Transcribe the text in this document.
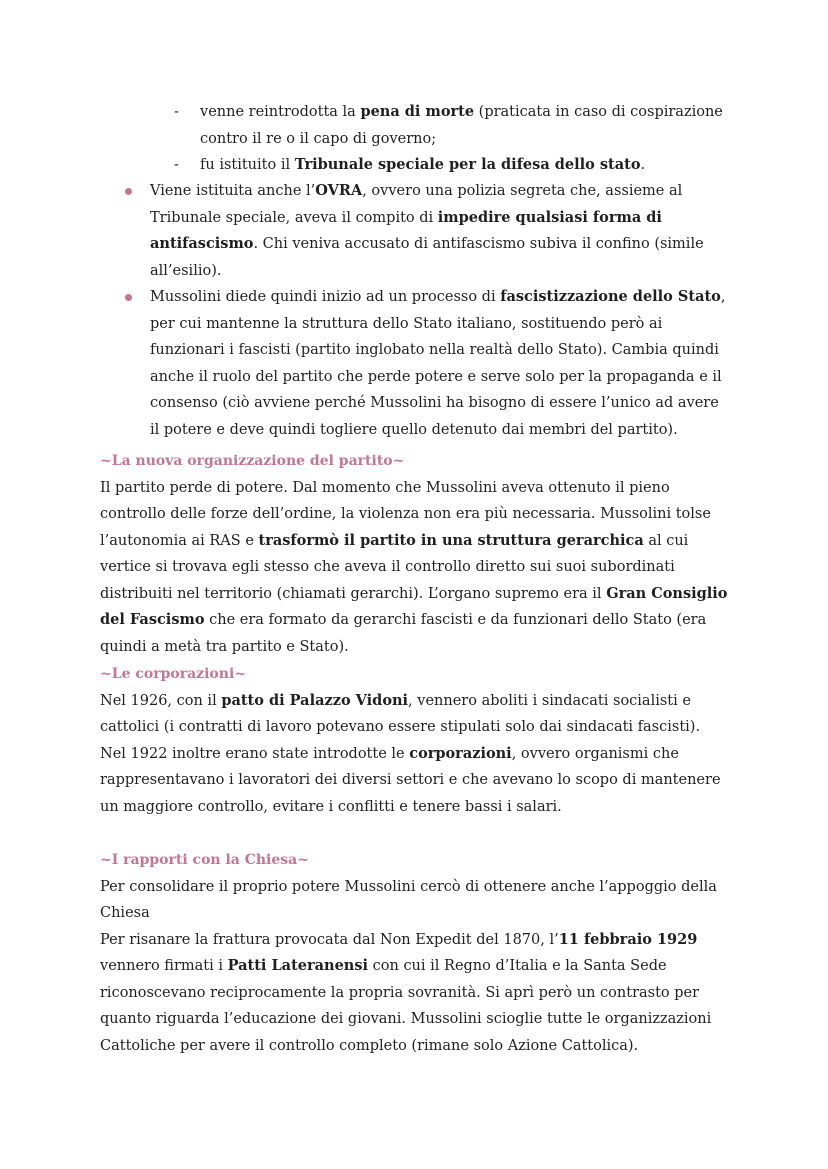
- venne reintrodotta la pena di morte (praticata in caso di cospirazione contro il re o il capo di governo;
- fu istituito il Tribunale speciale per la difesa dello stato.
Viene istituita anche l’OVRA, ovvero una polizia segreta che, assieme al Tribunale speciale, aveva il compito di impedire qualsiasi forma di antifascismo. Chi veniva accusato di antifascismo subiva il confino (simile all’esilio).
Mussolini diede quindi inizio ad un processo di fascistizzazione dello Stato, per cui mantenne la struttura dello Stato italiano, sostituendo però ai funzionari i fascisti (partito inglobato nella realtà dello Stato). Cambia quindi anche il ruolo del partito che perde potere e serve solo per la propaganda e il consenso (ciò avviene perché Mussolini ha bisogno di essere l’unico ad avere il potere e deve quindi togliere quello detenuto dai membri del partito).
~La nuova organizzazione del partito~

Il partito perde di potere. Dal momento che Mussolini aveva ottenuto il pieno controllo delle forze dell’ordine, la violenza non era più necessaria. Mussolini tolse l’autonomia ai RAS e trasformò il partito in una struttura gerarchica al cui vertice si trovava egli stesso che aveva il controllo diretto sui suoi subordinati distribuiti nel territorio (chiamati gerarchi). L’organo supremo era il Gran Consiglio del Fascismo che era formato da gerarchi fascisti e da funzionari dello Stato (era quindi a metà tra partito e Stato).

~Le corporazioni~

Nel 1926, con il patto di Palazzo Vidoni, vennero aboliti i sindacati socialisti e cattolici (i contratti di lavoro potevano essere stipulati solo dai sindacati fascisti).

Nel 1922 inoltre erano state introdotte le corporazioni, ovvero organismi che rappresentavano i lavoratori dei diversi settori e che avevano lo scopo di mantenere un maggiore controllo, evitare i conflitti e tenere bassi i salari.

~I rapporti con la Chiesa~

Per consolidare il proprio potere Mussolini cercò di ottenere anche l’appoggio della Chiesa

Per risanare la frattura provocata dal Non Expedit del 1870, l’11 febbraio 1929 vennero firmati i Patti Lateranensi con cui il Regno d’Italia e la Santa Sede riconoscevano reciprocamente la propria sovranità. Si aprì però un contrasto per quanto riguarda l’educazione dei giovani. Mussolini scioglie tutte le organizzazioni Cattoliche per avere il controllo completo (rimane solo Azione Cattolica).
